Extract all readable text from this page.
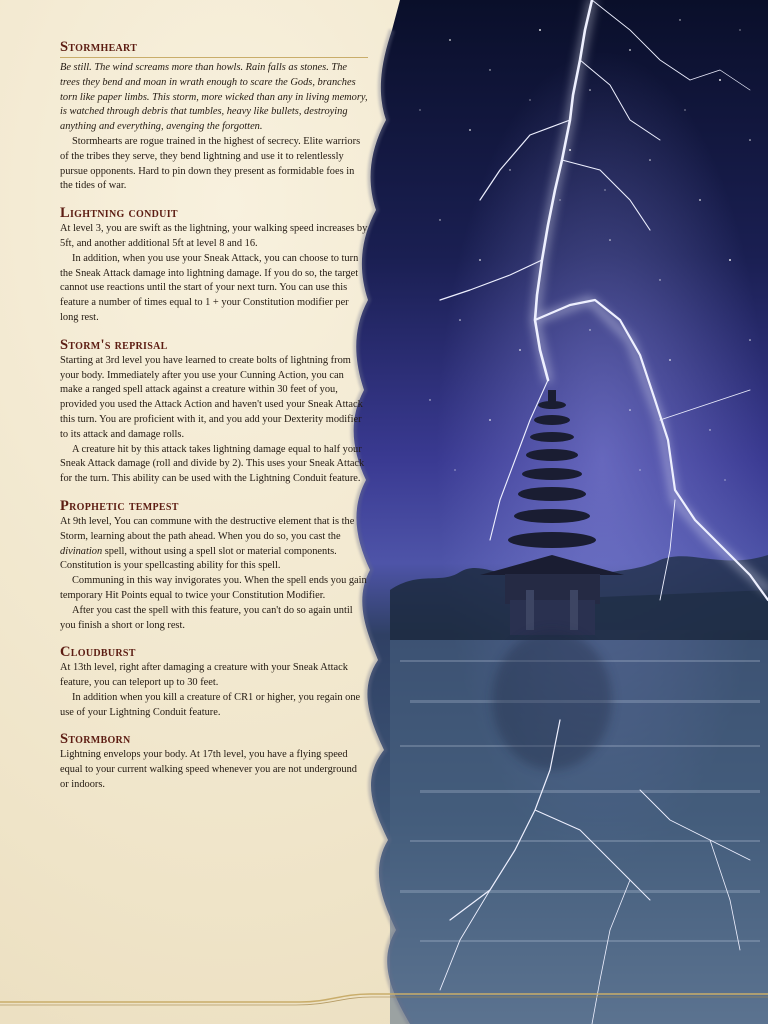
Stormheart

Be still. The wind screams more than howls. Rain falls as stones. The trees they bend and moan in wrath enough to scare the Gods, branches torn like paper limbs. This storm, more wicked than any in living memory, is watched through debris that tumbles, heavy like bullets, destroying anything and everything, avenging the forgotten.

Stormhearts are rogue trained in the highest of secrecy. Elite warriors of the tribes they serve, they bend lightning and use it to relentlessly pursue opponents. Hard to pin down they present as formidable foes in the tides of war.

Lightning conduit

At level 3, you are swift as the lightning, your walking speed increases by 5ft, and another additional 5ft at level 8 and 16.

In addition, when you use your Sneak Attack, you can choose to turn the Sneak Attack damage into lightning damage. If you do so, the target cannot use reactions until the start of your next turn. You can use this feature a number of times equal to 1 + your Constitution modifier per long rest.

Storm's reprisal

Starting at 3rd level you have learned to create bolts of lightning from your body. Immediately after you use your Cunning Action, you can make a ranged spell attack against a creature within 30 feet of you, provided you used the Attack Action and haven't used your Sneak Attack this turn. You are proficient with it, and you add your Dexterity modifier to its attack and damage rolls.

A creature hit by this attack takes lightning damage equal to half your Sneak Attack damage (roll and divide by 2). This uses your Sneak Attack for the turn. This ability can be used with the Lightning Conduit feature.

Prophetic tempest

At 9th level, You can commune with the destructive element that is the Storm, learning about the path ahead. When you do so, you cast the divination spell, without using a spell slot or material components. Constitution is your spellcasting ability for this spell.

Communing in this way invigorates you. When the spell ends you gain temporary Hit Points equal to twice your Constitution Modifier.

After you cast the spell with this feature, you can't do so again until you finish a short or long rest.

Cloudburst

At 13th level, right after damaging a creature with your Sneak Attack feature, you can teleport up to 30 feet.

In addition when you kill a creature of CR1 or higher, you regain one use of your Lightning Conduit feature.

Stormborn

Lightning envelops your body. At 17th level, you have a flying speed equal to your current walking speed whenever you are not underground or indoors.
